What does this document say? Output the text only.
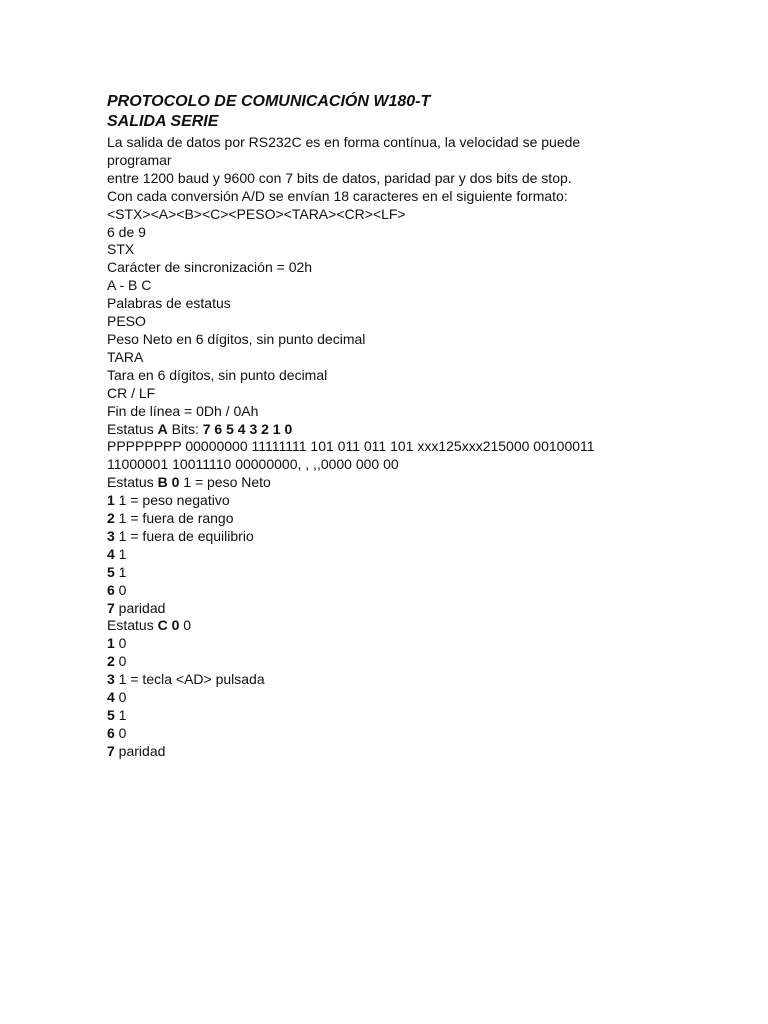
PROTOCOLO DE COMUNICACIÓN W180-T
SALIDA SERIE
La salida de datos por RS232C es en forma contínua, la velocidad se puede
programar
entre 1200 baud y 9600 con 7 bits de datos, paridad par y dos bits de stop.
Con cada conversión A/D se envían 18 caracteres en el siguiente formato:
<STX><A><B><C><PESO><TARA><CR><LF>
6 de 9
STX
Carácter de sincronización = 02h
A - B C
Palabras de estatus
PESO
Peso Neto en 6 dígitos, sin punto decimal
TARA
Tara en 6 dígitos, sin punto decimal
CR / LF
Fin de línea = 0Dh / 0Ah
Estatus A Bits: 7 6 5 4 3 2 1 0
PPPPPPPP 00000000 11111111 101 011 011 101 xxx125xxx215000 00100011
11000001 10011110 00000000, , ,,0000 000 00
Estatus B 0 1 = peso Neto
1 1 = peso negativo
2 1 = fuera de rango
3 1 = fuera de equilibrio
4 1
5 1
6 0
7 paridad
Estatus C 0 0
1 0
2 0
3 1 = tecla <AD> pulsada
4 0
5 1
6 0
7 paridad
